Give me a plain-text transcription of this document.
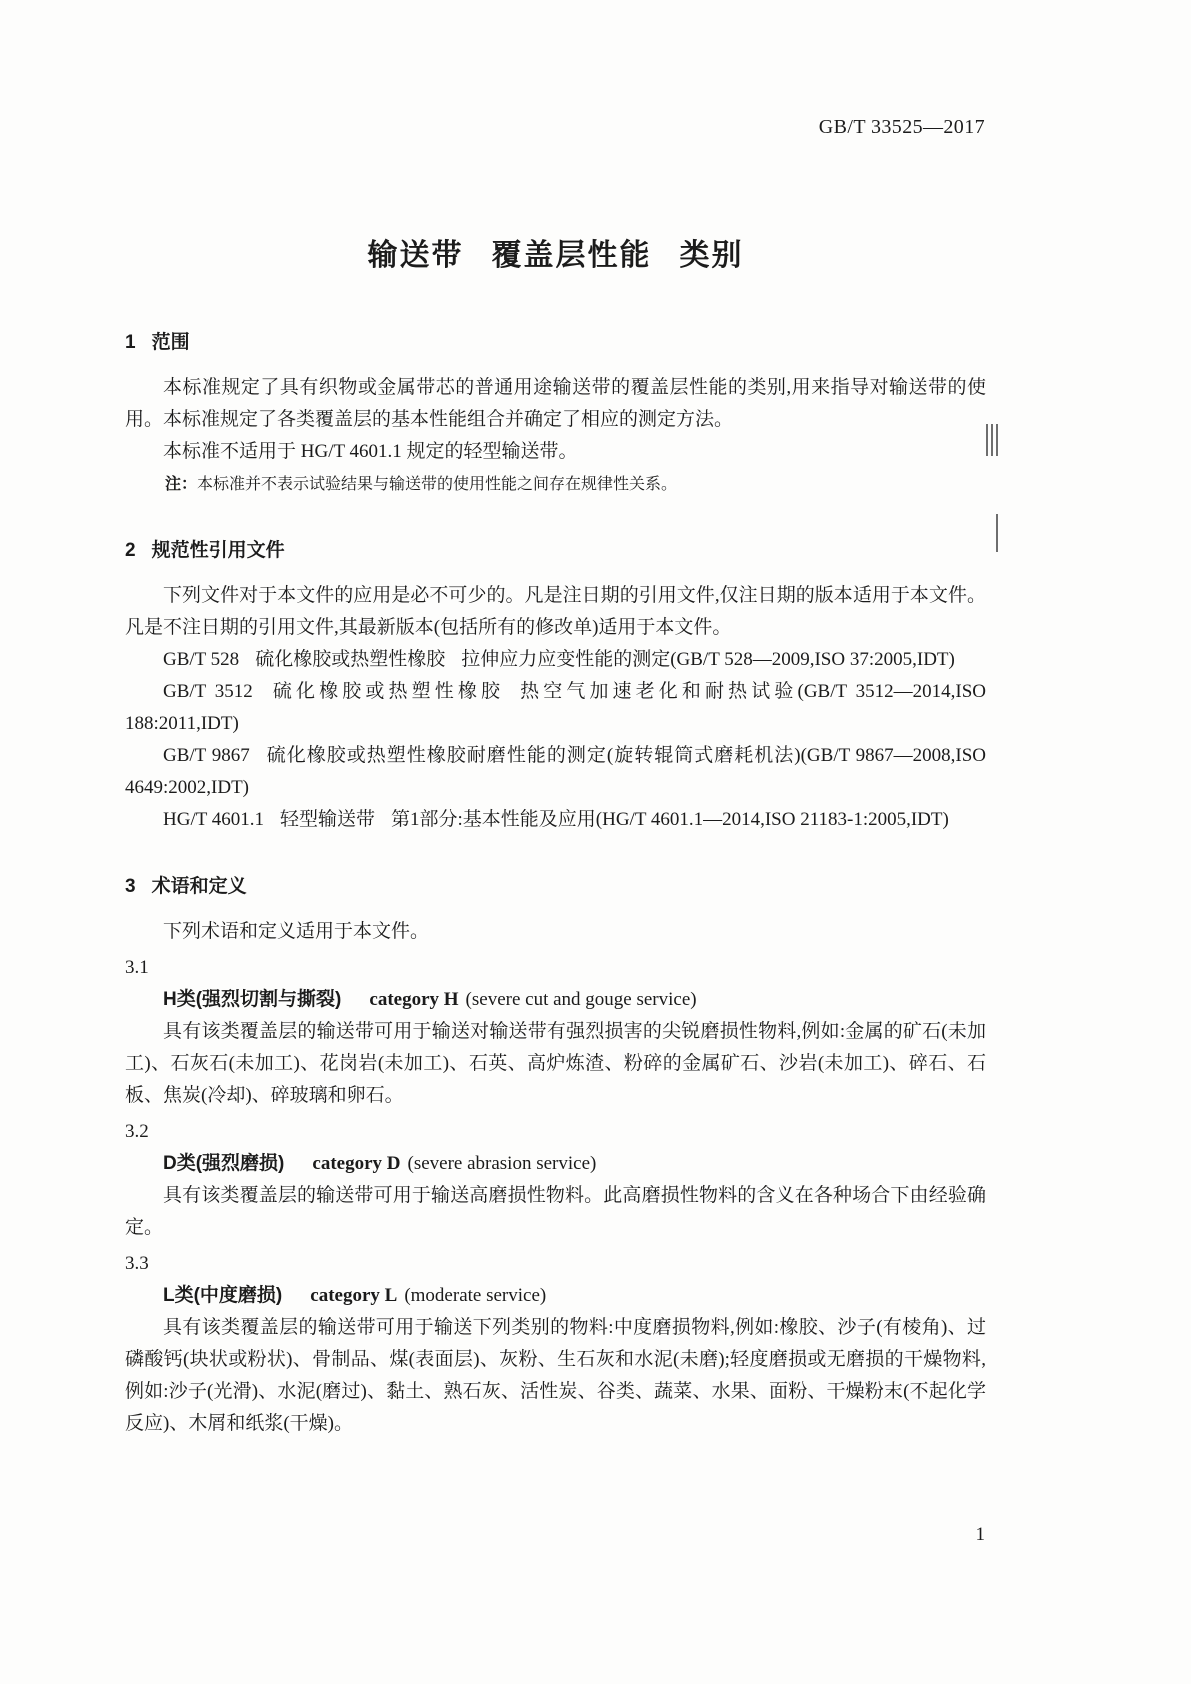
GB/T 33525—2017
输送带 覆盖层性能 类别
1 范围

本标准规定了具有织物或金属带芯的普通用途输送带的覆盖层性能的类别,用来指导对输送带的使用。本标准规定了各类覆盖层的基本性能组合并确定了相应的测定方法。

本标准不适用于 HG/T 4601.1 规定的轻型输送带。

注：本标准并不表示试验结果与输送带的使用性能之间存在规律性关系。

2 规范性引用文件

下列文件对于本文件的应用是必不可少的。凡是注日期的引用文件,仅注日期的版本适用于本文件。凡是不注日期的引用文件,其最新版本(包括所有的修改单)适用于本文件。

GB/T 528 硫化橡胶或热塑性橡胶 拉伸应力应变性能的测定(GB/T 528—2009,ISO 37:2005,IDT)

GB/T 3512 硫化橡胶或热塑性橡胶 热空气加速老化和耐热试验(GB/T 3512—2014,ISO 188:2011,IDT)

GB/T 9867 硫化橡胶或热塑性橡胶耐磨性能的测定(旋转辊筒式磨耗机法)(GB/T 9867—2008,ISO 4649:2002,IDT)

HG/T 4601.1 轻型输送带 第1部分:基本性能及应用(HG/T 4601.1—2014,ISO 21183-1:2005,IDT)

3 术语和定义

下列术语和定义适用于本文件。

3.1

H类(强烈切割与撕裂) category H (severe cut and gouge service)

具有该类覆盖层的输送带可用于输送对输送带有强烈损害的尖锐磨损性物料,例如:金属的矿石(未加工)、石灰石(未加工)、花岗岩(未加工)、石英、高炉炼渣、粉碎的金属矿石、沙岩(未加工)、碎石、石板、焦炭(冷却)、碎玻璃和卵石。

3.2

D类(强烈磨损) category D (severe abrasion service)

具有该类覆盖层的输送带可用于输送高磨损性物料。此高磨损性物料的含义在各种场合下由经验确定。

3.3

L类(中度磨损) category L (moderate service)

具有该类覆盖层的输送带可用于输送下列类别的物料:中度磨损物料,例如:橡胶、沙子(有棱角)、过磷酸钙(块状或粉状)、骨制品、煤(表面层)、灰粉、生石灰和水泥(未磨);轻度磨损或无磨损的干燥物料,例如:沙子(光滑)、水泥(磨过)、黏土、熟石灰、活性炭、谷类、蔬菜、水果、面粉、干燥粉末(不起化学反应)、木屑和纸浆(干燥)。

1
